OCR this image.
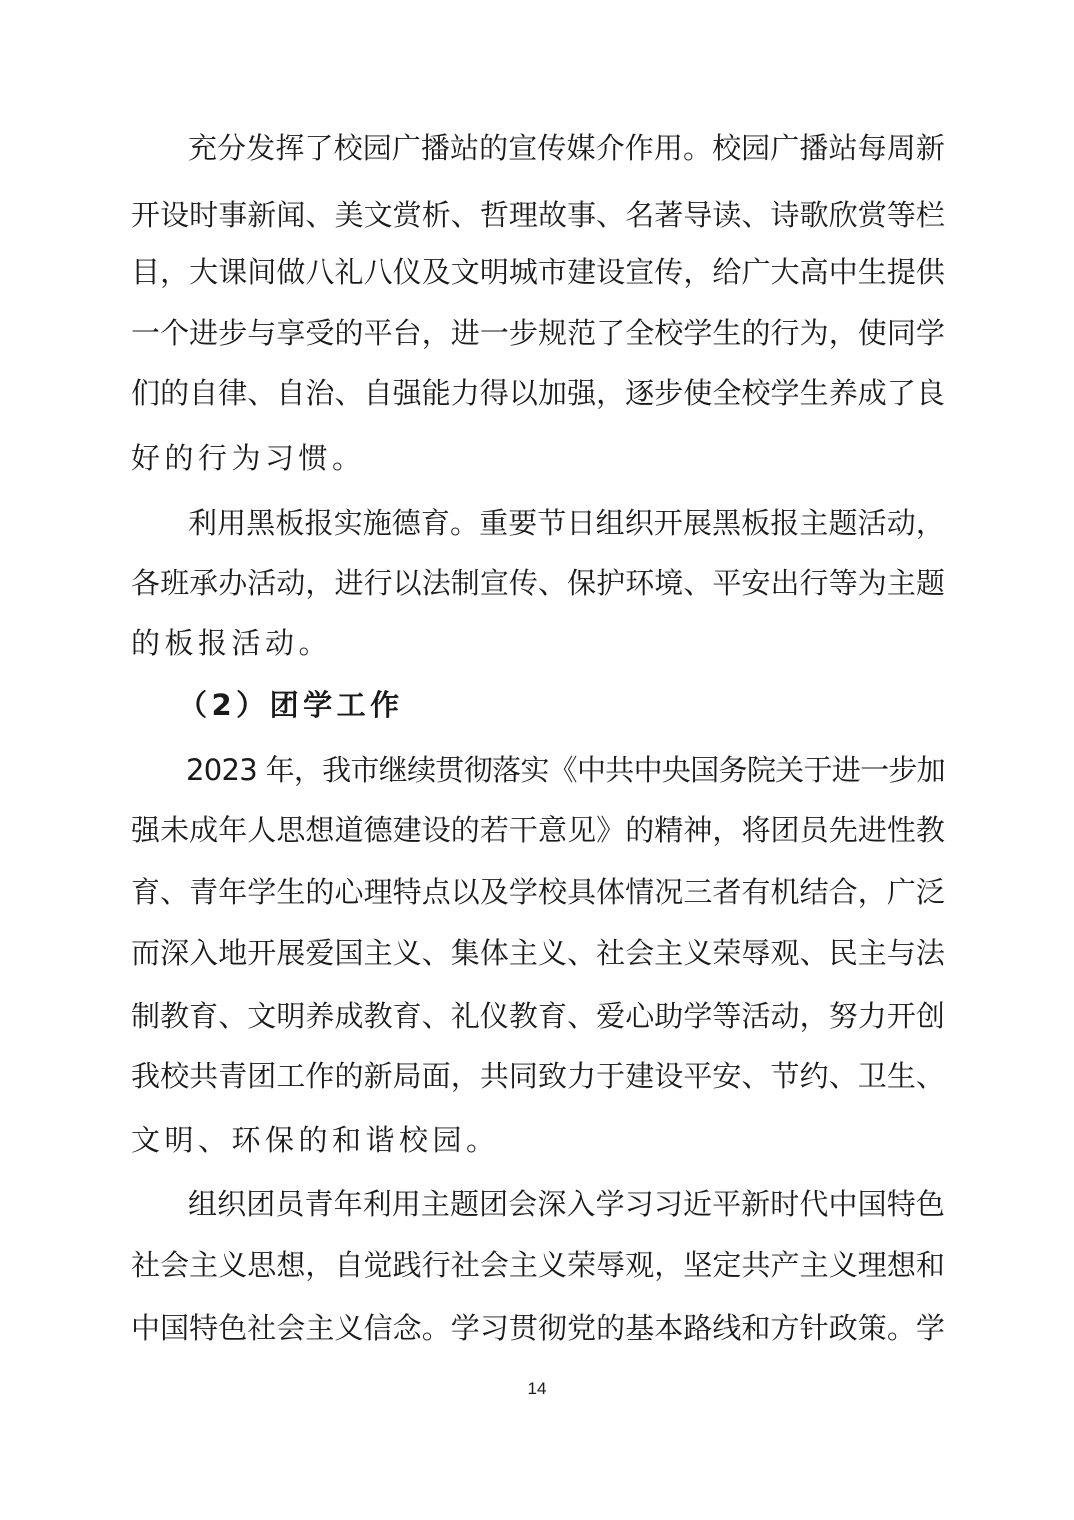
充分发挥了校园广播站的宣传媒介作用。校园广播站每周新
开设时事新闻、美文赏析、哲理故事、名著导读、诗歌欣赏等栏
目，大课间做八礼八仪及文明城市建设宣传，给广大高中生提供
一个进步与享受的平台，进一步规范了全校学生的行为，使同学
们的自律、自治、自强能力得以加强，逐步使全校学生养成了良
好的行为习惯。
利用黑板报实施德育。重要节日组织开展黑板报主题活动，
各班承办活动，进行以法制宣传、保护环境、平安出行等为主题
的板报活动。
（2）团学工作
2023 年，我市继续贯彻落实《中共中央国务院关于进一步加
强未成年人思想道德建设的若干意见》的精神，将团员先进性教
育、青年学生的心理特点以及学校具体情况三者有机结合，广泛
而深入地开展爱国主义、集体主义、社会主义荣辱观、民主与法
制教育、文明养成教育、礼仪教育、爱心助学等活动，努力开创
我校共青团工作的新局面，共同致力于建设平安、节约、卫生、
文明、环保的和谐校园。
组织团员青年利用主题团会深入学习习近平新时代中国特色
社会主义思想，自觉践行社会主义荣辱观，坚定共产主义理想和
中国特色社会主义信念。学习贯彻党的基本路线和方针政策。学
14
